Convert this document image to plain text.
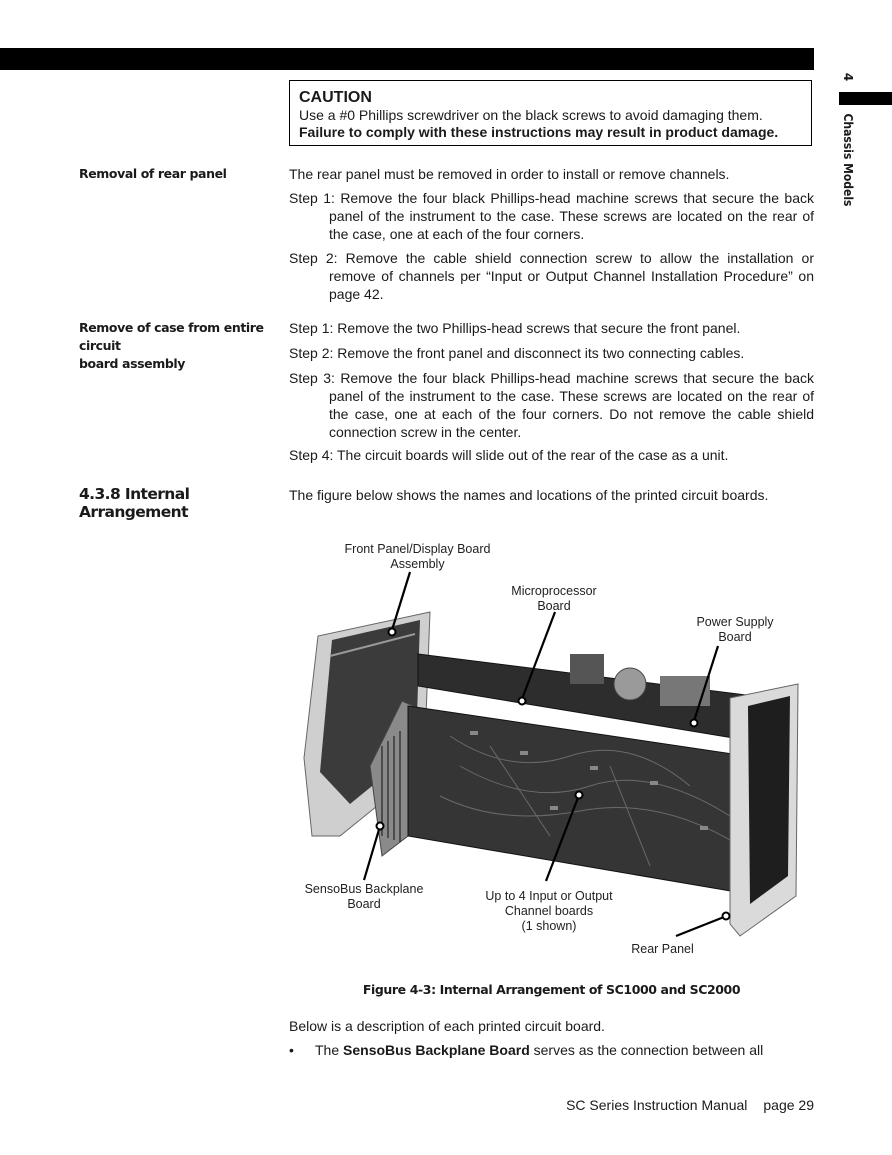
4
Chassis Models
CAUTION
Use a #0 Phillips screwdriver on the black screws to avoid damaging them.
Failure to comply with these instructions may result in product damage.
Removal of rear panel	The rear panel must be removed in order to install or remove channels.
Step 1: Remove the four black Phillips-head machine screws that secure the back panel of the instrument to the case. These screws are located on the rear of the case, one at each of the four corners.
Step 2: Remove the cable shield connection screw to allow the installation or remove of channels per “Input or Output Channel Installation Procedure” on page 42.
Remove of case from entire circuit
board assembly
Step 1: Remove the two Phillips-head screws that secure the front panel.
Step 2: Remove the front panel and disconnect its two connecting cables.
Step 3: Remove the four black Phillips-head machine screws that secure the back panel of the instrument to the case. These screws are located on the rear of the case, one at each of the four corners. Do not remove the cable shield connection screw in the center.
Step 4: The circuit boards will slide out of the rear of the case as a unit.
4.3.8 Internal Arrangement
The figure below shows the names and locations of the printed circuit boards.
Front Panel/Display Board
Assembly
Microprocessor
Board
Power Supply
Board
SensoBus Backplane
Board
Up to 4 Input or Output
Channel boards
(1 shown)
Rear Panel
Figure 4-3: Internal Arrangement of SC1000 and SC2000
Below is a description of each printed circuit board.
• The SensoBus Backplane Board serves as the connection between all
SC Series Instruction Manual page 29
